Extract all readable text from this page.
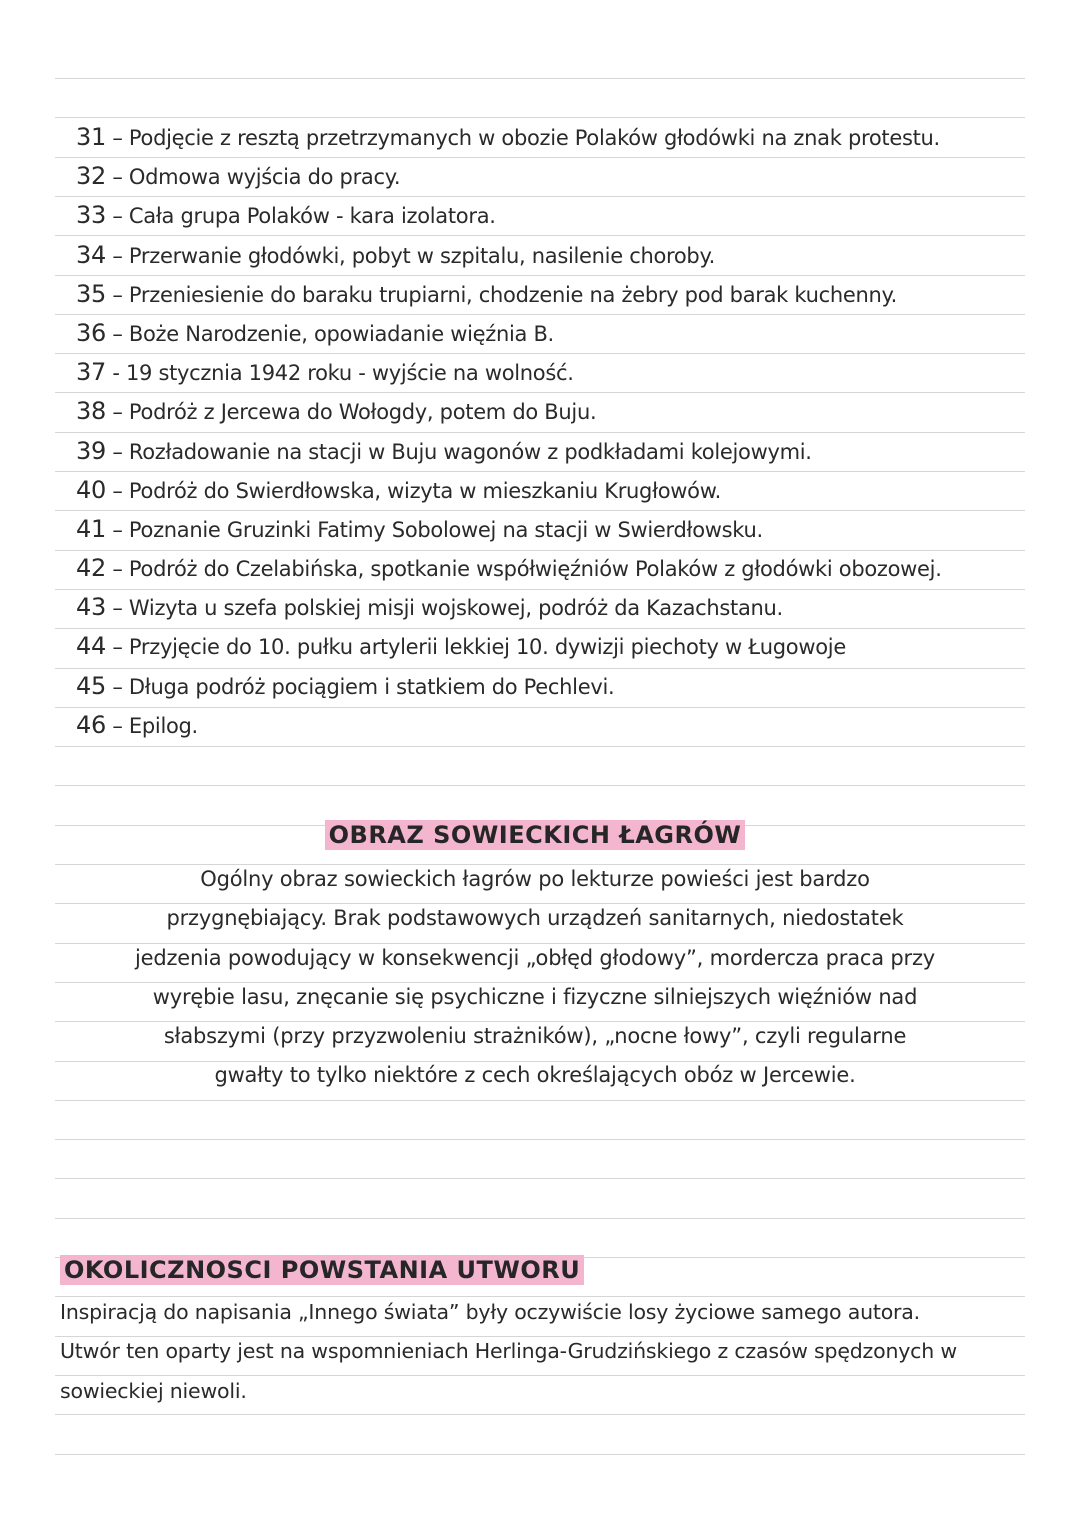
31 – Podjęcie z resztą przetrzymanych w obozie Polaków głodówki na znak protestu.
32 – Odmowa wyjścia do pracy.
33 – Cała grupa Polaków - kara izolatora.
34 – Przerwanie głodówki, pobyt w szpitalu, nasilenie choroby.
35 – Przeniesienie do baraku trupiarni, chodzenie na żebry pod barak kuchenny.
36 – Boże Narodzenie, opowiadanie więźnia B.
37 - 19 stycznia 1942 roku - wyjście na wolność.
38 – Podróż z Jercewa do Wołogdy, potem do Buju.
39 – Rozładowanie na stacji w Buju wagonów z podkładami kolejowymi.
40 – Podróż do Swierdłowska, wizyta w mieszkaniu Krugłowów.
41 – Poznanie Gruzinki Fatimy Sobolowej na stacji w Swierdłowsku.
42 – Podróż do Czelabińska, spotkanie współwięźniów Polaków z głodówki obozowej.
43 – Wizyta u szefa polskiej misji wojskowej, podróż da Kazachstanu.
44 – Przyjęcie do 10. pułku artylerii lekkiej 10. dywizji piechoty w Ługowoje
45 – Długa podróż pociągiem i statkiem do Pechlevi.
46 – Epilog.
OBRAZ SOWIECKICH ŁAGRÓW
Ogólny obraz sowieckich łagrów po lekturze powieści jest bardzo
przygnębiający. Brak podstawowych urządzeń sanitarnych, niedostatek
jedzenia powodujący w konsekwencji „obłęd głodowy”, mordercza praca przy
wyrębie lasu, znęcanie się psychiczne i fizyczne silniejszych więźniów nad
słabszymi (przy przyzwoleniu strażników), „nocne łowy”, czyli regularne
gwałty to tylko niektóre z cech określających obóz w Jercewie.
OKOLICZNOSCI POWSTANIA UTWORU
Inspiracją do napisania „Innego świata” były oczywiście losy życiowe samego autora.
Utwór ten oparty jest na wspomnieniach Herlinga-Grudzińskiego z czasów spędzonych w
sowieckiej niewoli.
